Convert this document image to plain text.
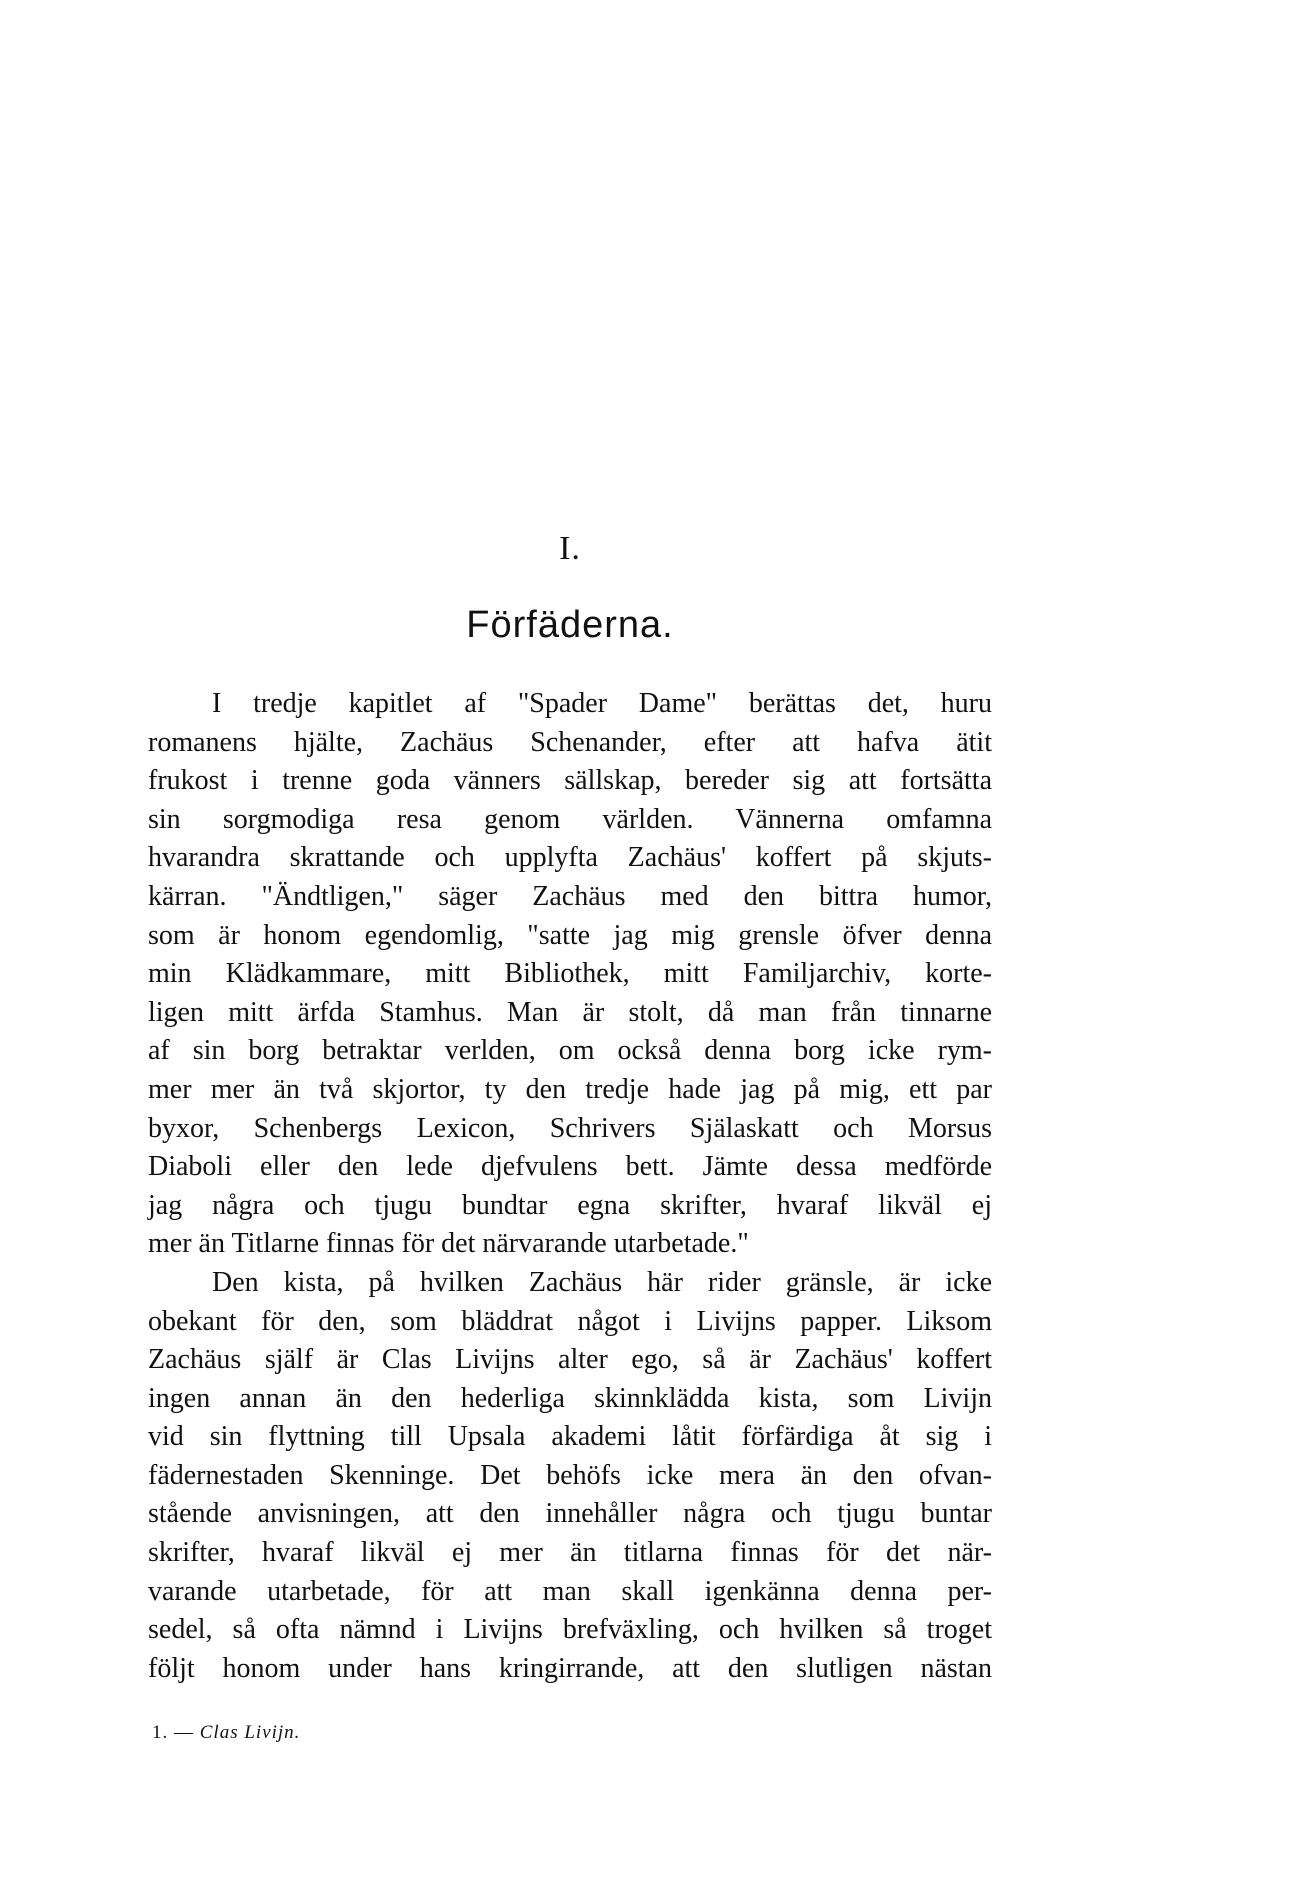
I.
Förfäderna.
I tredje kapitlet af "Spader Dame" berättas det, huru
romanens hjälte, Zachäus Schenander, efter att hafva ätit
frukost i trenne goda vänners sällskap, bereder sig att fortsätta
sin sorgmodiga resa genom världen. Vännerna omfamna
hvarandra skrattande och upplyfta Zachäus' koffert på skjuts-
kärran. "Ändtligen," säger Zachäus med den bittra humor,
som är honom egendomlig, "satte jag mig grensle öfver denna
min Klädkammare, mitt Bibliothek, mitt Familjarchiv, korte-
ligen mitt ärfda Stamhus. Man är stolt, då man från tinnarne
af sin borg betraktar verlden, om också denna borg icke rym-
mer mer än två skjortor, ty den tredje hade jag på mig, ett par
byxor, Schenbergs Lexicon, Schrivers Själaskatt och Morsus
Diaboli eller den lede djefvulens bett. Jämte dessa medförde
jag några och tjugu bundtar egna skrifter, hvaraf likväl ej
mer än Titlarne finnas för det närvarande utarbetade."
Den kista, på hvilken Zachäus här rider gränsle, är icke
obekant för den, som bläddrat något i Livijns papper. Liksom
Zachäus själf är Clas Livijns alter ego, så är Zachäus' koffert
ingen annan än den hederliga skinnklädda kista, som Livijn
vid sin flyttning till Upsala akademi låtit förfärdiga åt sig i
fädernestaden Skenninge. Det behöfs icke mera än den ofvan-
stående anvisningen, att den innehåller några och tjugu buntar
skrifter, hvaraf likväl ej mer än titlarna finnas för det när-
varande utarbetade, för att man skall igenkänna denna per-
sedel, så ofta nämnd i Livijns brefväxling, och hvilken så troget
följt honom under hans kringirrande, att den slutligen nästan
1. — Clas Livijn.
